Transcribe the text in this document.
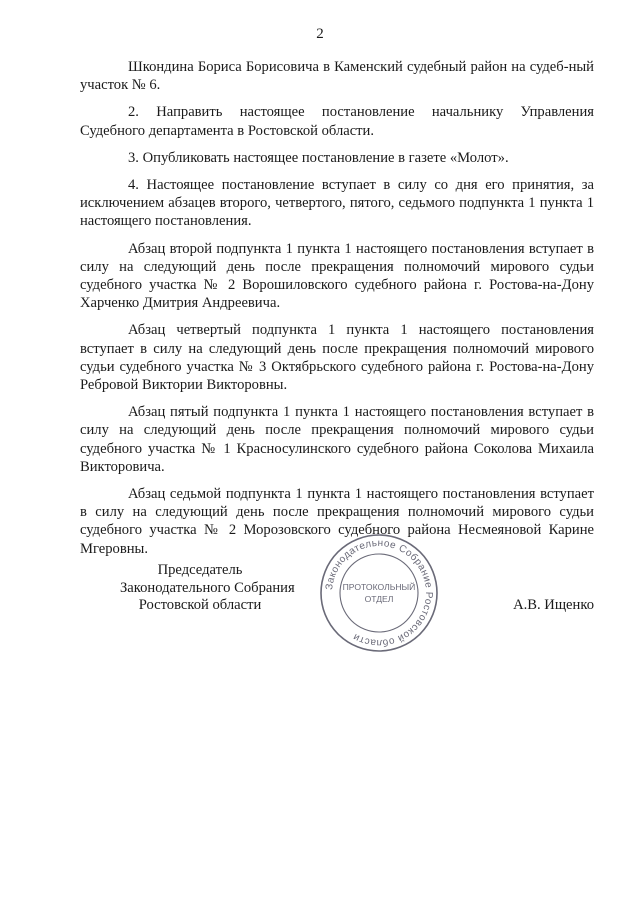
2

Шкондина Бориса Борисовича в Каменский судебный район на судеб-ный участок № 6.

2. Направить настоящее постановление начальнику Управления Судебного департамента в Ростовской области.

3. Опубликовать настоящее постановление в газете «Молот».

4. Настоящее постановление вступает в силу со дня его принятия, за исключением абзацев второго, четвертого, пятого, седьмого подпункта 1 пункта 1 настоящего постановления.

Абзац второй подпункта 1 пункта 1 настоящего постановления вступает в силу на следующий день после прекращения полномочий мирового судьи судебного участка № 2 Ворошиловского судебного района г. Ростова-на-Дону Харченко Дмитрия Андреевича.

Абзац четвертый подпункта 1 пункта 1 настоящего постановления вступает в силу на следующий день после прекращения полномочий мирового судьи судебного участка № 3 Октябрьского судебного района г. Ростова-на-Дону Ребровой Виктории Викторовны.

Абзац пятый подпункта 1 пункта 1 настоящего постановления вступает в силу на следующий день после прекращения полномочий мирового судьи судебного участка № 1 Красносулинского судебного района Соколова Михаила Викторовича.

Абзац седьмой подпункта 1 пункта 1 настоящего постановления вступает в силу на следующий день после прекращения полномочий мирового судьи судебного участка № 2 Морозовского судебного района Несмеяновой Карине Мгеровны.

Председатель
Законодательного Собрания
Ростовской области	А.В. Ищенко
Законодательное Собрание Ростовской области
ПРОТОКОЛЬНЫЙ
ОТДЕЛ
